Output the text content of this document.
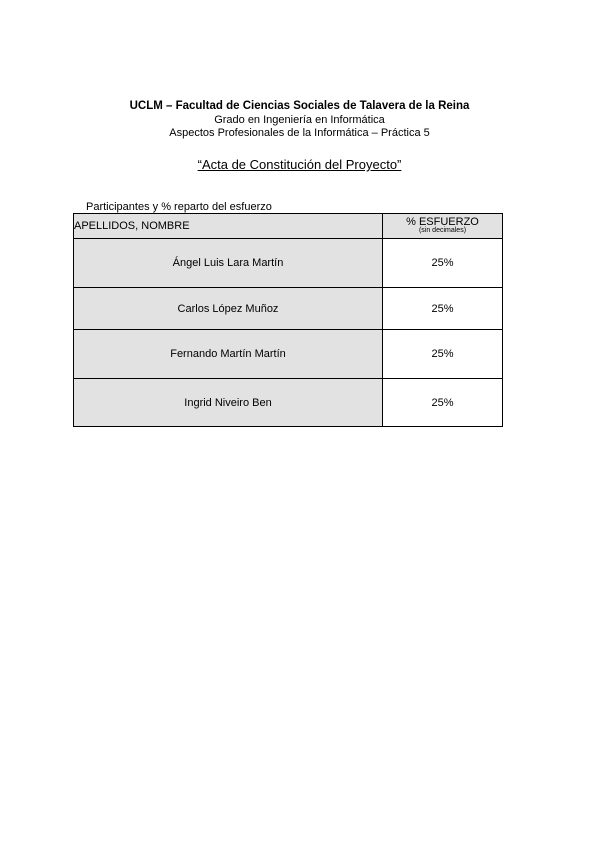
UCLM – Facultad de Ciencias Sociales de Talavera de la Reina
Grado en Ingeniería en Informática
Aspectos Profesionales de la Informática – Práctica 5
“Acta de Constitución del Proyecto”
Participantes y % reparto del esfuerzo
APELLIDOS, NOMBRE	% ESFUERZO
(sin decimales)

Ángel Luis Lara Martín	25%
Carlos López Muñoz	25%
Fernando Martín Martín	25%
Ingrid Niveiro Ben	25%
